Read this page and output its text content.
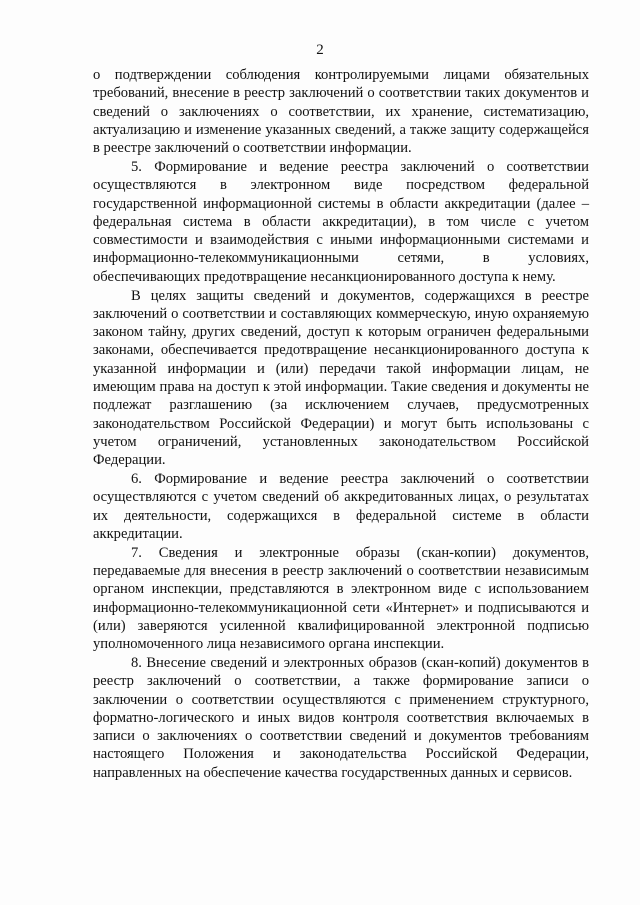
2

о подтверждении соблюдения контролируемыми лицами обязательных требований, внесение в реестр заключений о соответствии таких документов и сведений о заключениях о соответствии, их хранение, систематизацию, актуализацию и изменение указанных сведений, а также защиту содержащейся в реестре заключений о соответствии информации.

5. Формирование и ведение реестра заключений о соответствии осуществляются в электронном виде посредством федеральной государственной информационной системы в области аккредитации (далее – федеральная система в области аккредитации), в том числе с учетом совместимости и взаимодействия с иными информационными системами и информационно-телекоммуникационными сетями, в условиях, обеспечивающих предотвращение несанкционированного доступа к нему.

В целях защиты сведений и документов, содержащихся в реестре заключений о соответствии и составляющих коммерческую, иную охраняемую законом тайну, других сведений, доступ к которым ограничен федеральными законами, обеспечивается предотвращение несанкционированного доступа к указанной информации и (или) передачи такой информации лицам, не имеющим права на доступ к этой информации. Такие сведения и документы не подлежат разглашению (за исключением случаев, предусмотренных законодательством Российской Федерации) и могут быть использованы с учетом ограничений, установленных законодательством Российской Федерации.

6. Формирование и ведение реестра заключений о соответствии осуществляются с учетом сведений об аккредитованных лицах, о результатах их деятельности, содержащихся в федеральной системе в области аккредитации.

7. Сведения и электронные образы (скан-копии) документов, передаваемые для внесения в реестр заключений о соответствии независимым органом инспекции, представляются в электронном виде с использованием информационно-телекоммуникационной сети «Интернет» и подписываются и (или) заверяются усиленной квалифицированной электронной подписью уполномоченного лица независимого органа инспекции.

8. Внесение сведений и электронных образов (скан-копий) документов в реестр заключений о соответствии, а также формирование записи о заключении о соответствии осуществляются с применением структурного, форматно-логического и иных видов контроля соответствия включаемых в записи о заключениях о соответствии сведений и документов требованиям настоящего Положения и законодательства Российской Федерации, направленных на обеспечение качества государственных данных и сервисов.
